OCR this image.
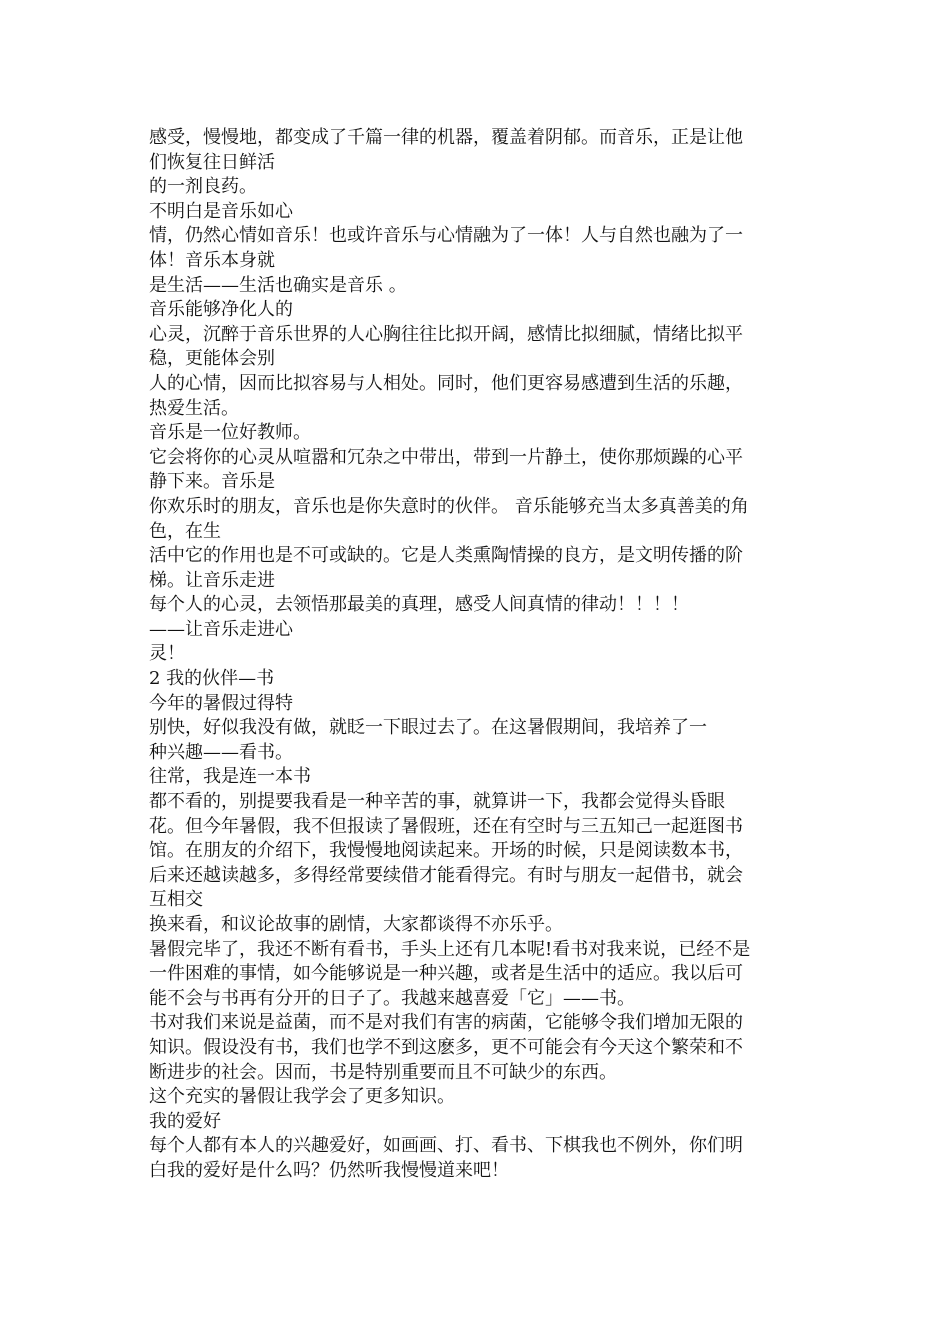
感受，慢慢地，都变成了千篇一律的机器，覆盖着阴郁。而音乐，正是让他

们恢复往日鲜活

的一剂良药。

不明白是音乐如心

情，仍然心情如音乐！也或许音乐与心情融为了一体！人与自然也融为了一

体！音乐本身就

是生活——生活也确实是音乐 。

音乐能够净化人的

心灵，沉醉于音乐世界的人心胸往往比拟开阔，感情比拟细腻，情绪比拟平

稳，更能体会别

人的心情，因而比拟容易与人相处。同时，他们更容易感遭到生活的乐趣，

热爱生活。

音乐是一位好教师。

它会将你的心灵从喧嚣和冗杂之中带出，带到一片静土，使你那烦躁的心平

静下来。音乐是

你欢乐时的朋友，音乐也是你失意时的伙伴。 音乐能够充当太多真善美的角

色，在生

活中它的作用也是不可或缺的。它是人类熏陶情操的良方，是文明传播的阶

梯。让音乐走进

每个人的心灵，去领悟那最美的真理，感受人间真情的律动！！！！

——让音乐走进心

灵！

2 我的伙伴—书

今年的暑假过得特

别快，好似我没有做，就眨一下眼过去了。在这暑假期间，我培养了一

种兴趣——看书。

往常，我是连一本书

都不看的，别提要我看是一种辛苦的事，就算讲一下，我都会觉得头昏眼

花。但今年暑假，我不但报读了暑假班，还在有空时与三五知己一起逛图书

馆。在朋友的介绍下，我慢慢地阅读起来。开场的时候，只是阅读数本书，

后来还越读越多，多得经常要续借才能看得完。有时与朋友一起借书，就会

互相交

换来看，和议论故事的剧情，大家都谈得不亦乐乎。

暑假完毕了，我还不断有看书，手头上还有几本呢!看书对我来说，已经不是

一件困难的事情，如今能够说是一种兴趣，或者是生活中的适应。我以后可

能不会与书再有分开的日子了。我越来越喜爱「它」——书。

书对我们来说是益菌，而不是对我们有害的病菌，它能够令我们增加无限的

知识。假设没有书，我们也学不到这麽多，更不可能会有今天这个繁荣和不

断进步的社会。因而，书是特别重要而且不可缺少的东西。

这个充实的暑假让我学会了更多知识。

我的爱好

每个人都有本人的兴趣爱好，如画画、打、看书、下棋我也不例外，你们明

白我的爱好是什么吗？仍然听我慢慢道来吧！
